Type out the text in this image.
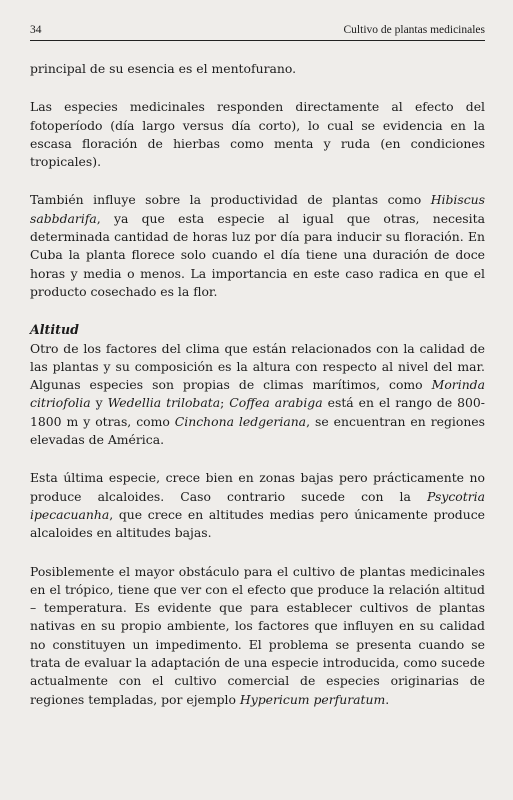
34	Cultivo de plantas medicinales

principal de su esencia es el mentofurano.

Las especies medicinales responden directamente al efecto del fotoperíodo (día largo versus día corto), lo cual se evidencia en la escasa floración de hierbas como menta y ruda (en condiciones tropicales).

También influye sobre la productividad de plantas como Hibiscus sabbdarifa, ya que esta especie al igual que otras, necesita determinada cantidad de horas luz por día para inducir su floración. En Cuba la planta florece solo cuando el día tiene una duración de doce horas y media o menos. La importancia en este caso radica en que el producto cosechado es la flor.

Altitud

Otro de los factores del clima que están relacionados con la calidad de las plantas y su composición es la altura con respecto al nivel del mar. Algunas especies son propias de climas marítimos, como Morinda citriofolia y Wedellia trilobata; Coffea arabiga está en el rango de 800-1800 m y otras, como Cinchona ledgeriana, se encuentran en regiones elevadas de América.

Esta última especie, crece bien en zonas bajas pero prácticamente no produce alcaloides. Caso contrario sucede con la Psycotria ipecacuanha, que crece en altitudes medias pero únicamente produce alcaloides en altitudes bajas.

Posiblemente el mayor obstáculo para el cultivo de plantas medicinales en el trópico, tiene que ver con el efecto que produce la relación altitud – temperatura. Es evidente que para establecer cultivos de plantas nativas en su propio ambiente, los factores que influyen en su calidad no constituyen un impedimento. El problema se presenta cuando se trata de evaluar la adaptación de una especie introducida, como sucede actualmente con el cultivo comercial de especies originarias de regiones templadas, por ejemplo Hypericum perfuratum.
